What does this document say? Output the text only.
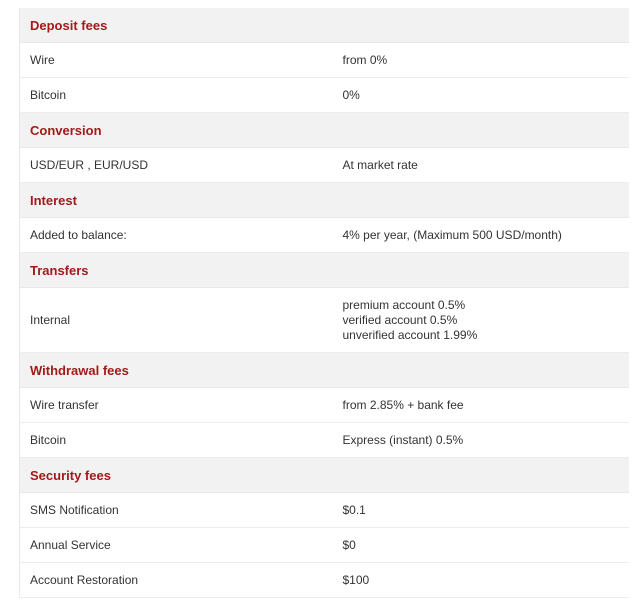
Deposit fees	
Wire	from 0%
Bitcoin	0%
Conversion	
USD/EUR , EUR/USD	At market rate
Interest	
Added to balance:	4% per year, (Maximum 500 USD/month)
Transfers	
Internal	premium account 0.5%
verified account 0.5%
unverified account 1.99%

Withdrawal fees	
Wire transfer	from 2.85% + bank fee
Bitcoin	Express (instant) 0.5%
Security fees	
SMS Notification	$0.1
Annual Service	$0
Account Restoration	$100
